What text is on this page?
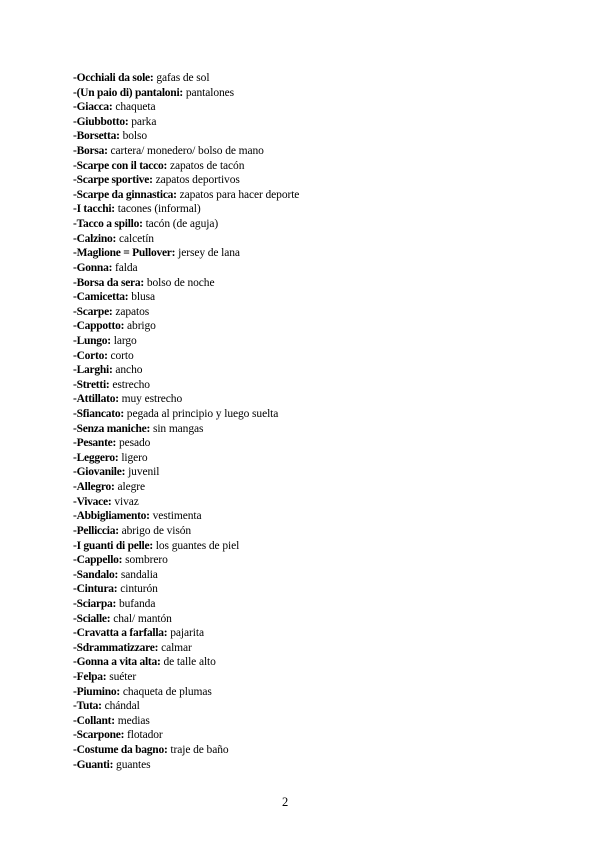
-Occhiali da sole: gafas de sol
-(Un paio di) pantaloni: pantalones
-Giacca: chaqueta
-Giubbotto: parka
-Borsetta: bolso
-Borsa: cartera/ monedero/ bolso de mano
-Scarpe con il tacco: zapatos de tacón
-Scarpe sportive: zapatos deportivos
-Scarpe da ginnastica: zapatos para hacer deporte
-I tacchi: tacones (informal)
-Tacco a spillo: tacón (de aguja)
-Calzino: calcetín
-Maglione = Pullover: jersey de lana
-Gonna: falda
-Borsa da sera: bolso de noche
-Camicetta: blusa
-Scarpe: zapatos
-Cappotto: abrigo
-Lungo: largo
-Corto: corto
-Larghi: ancho
-Stretti: estrecho
-Attillato: muy estrecho
-Sfiancato: pegada al principio y luego suelta
-Senza maniche: sin mangas
-Pesante: pesado
-Leggero: ligero
-Giovanile: juvenil
-Allegro: alegre
-Vivace: vivaz
-Abbigliamento: vestimenta
-Pelliccia: abrigo de visón
-I guanti di pelle: los guantes de piel
-Cappello: sombrero
-Sandalo: sandalia
-Cintura: cinturón
-Sciarpa: bufanda
-Scialle: chal/ mantón
-Cravatta a farfalla: pajarita
-Sdrammatizzare: calmar
-Gonna a vita alta: de talle alto
-Felpa: suéter
-Piumino: chaqueta de plumas
-Tuta: chándal
-Collant: medias
-Scarpone: flotador
-Costume da bagno: traje de baño
-Guanti: guantes
2
